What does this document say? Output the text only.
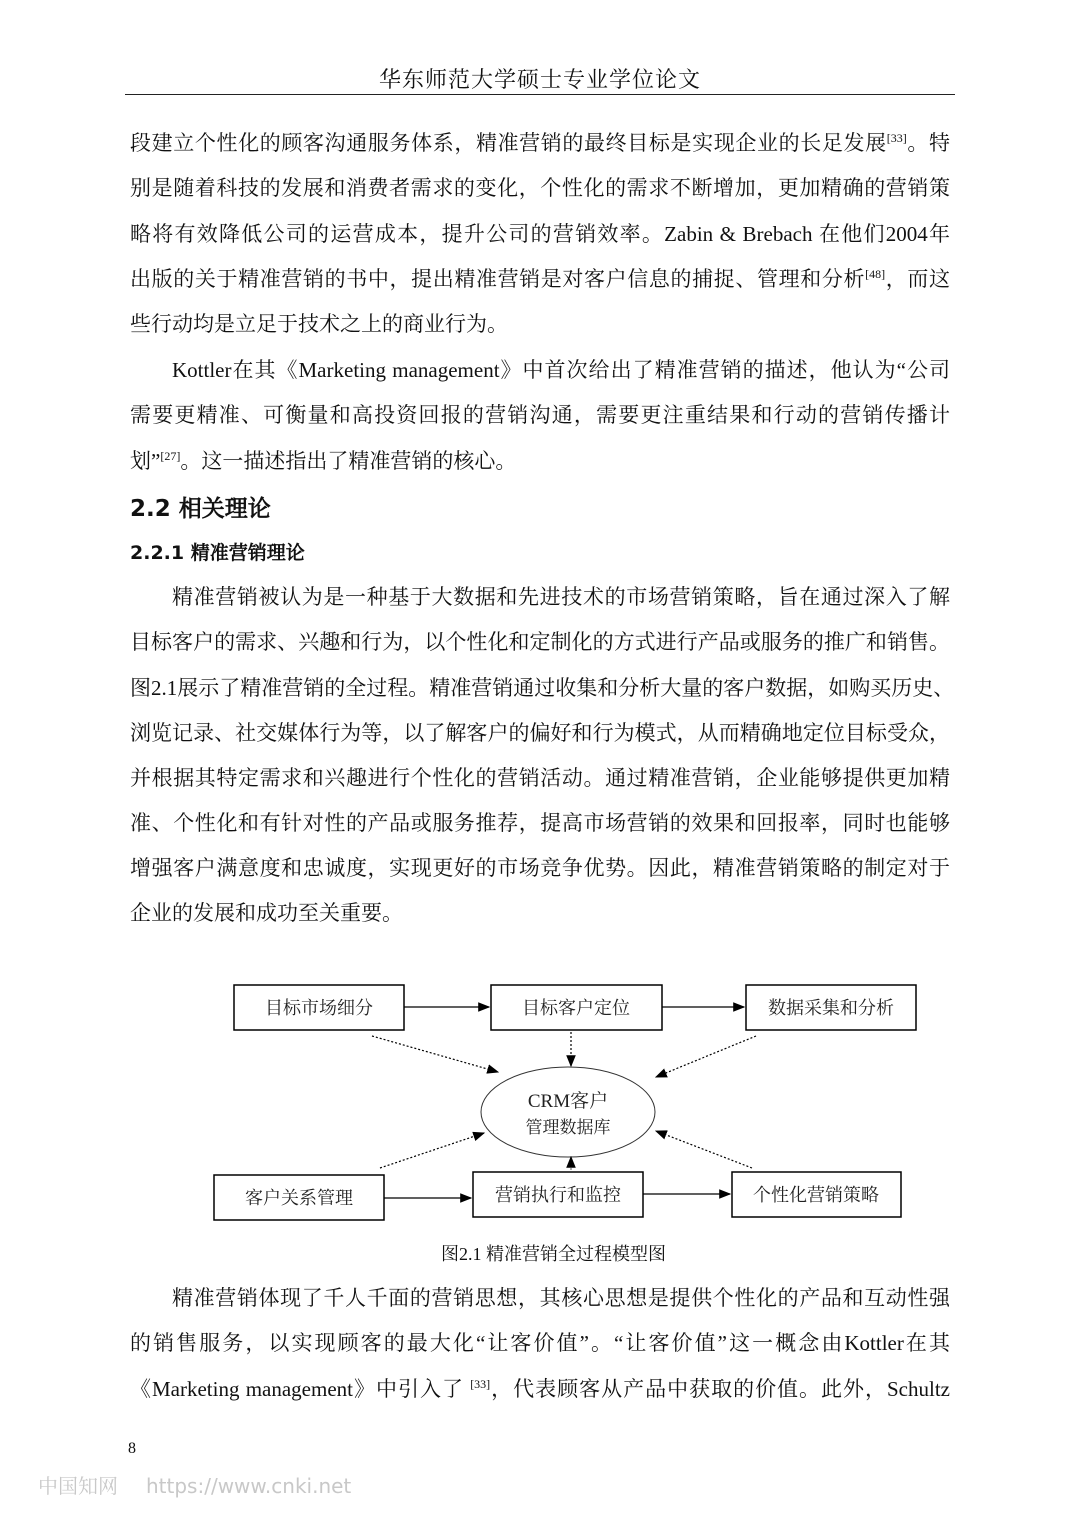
华东师范大学硕士专业学位论文
段建立个性化的顾客沟通服务体系，精准营销的最终目标是实现企业的长足发展[33]。特
别是随着科技的发展和消费者需求的变化，个性化的需求不断增加，更加精确的营销策
略将有效降低公司的运营成本，提升公司的营销效率。Zabin & Brebach 在他们2004年
出版的关于精准营销的书中，提出精准营销是对客户信息的捕捉、管理和分析[48]，而这
些行动均是立足于技术之上的商业行为。
Kottler在其《Marketing management》中首次给出了精准营销的描述，他认为“公司
需要更精准、可衡量和高投资回报的营销沟通，需要更注重结果和行动的营销传播计
划”[27]。这一描述指出了精准营销的核心。
2.2 相关理论
2.2.1 精准营销理论
精准营销被认为是一种基于大数据和先进技术的市场营销策略，旨在通过深入了解
目标客户的需求、兴趣和行为，以个性化和定制化的方式进行产品或服务的推广和销售。
图2.1展示了精准营销的全过程。精准营销通过收集和分析大量的客户数据，如购买历史、
浏览记录、社交媒体行为等，以了解客户的偏好和行为模式，从而精确地定位目标受众，
并根据其特定需求和兴趣进行个性化的营销活动。通过精准营销，企业能够提供更加精
准、个性化和有针对性的产品或服务推荐，提高市场营销的效果和回报率，同时也能够
增强客户满意度和忠诚度，实现更好的市场竞争优势。因此，精准营销策略的制定对于
企业的发展和成功至关重要。
目标市场细分	目标客户定位	数据采集和分析
CRM客户
管理数据库
客户关系管理	营销执行和监控	个性化营销策略
图2.1 精准营销全过程模型图
精准营销体现了千人千面的营销思想，其核心思想是提供个性化的产品和互动性强
的销售服务，以实现顾客的最大化“让客价值”。“让客价值”这一概念由Kottler在其
《Marketing management》中引入了 [33]，代表顾客从产品中获取的价值。此外，Schultz
8
中国知网 https://www.cnki.net
